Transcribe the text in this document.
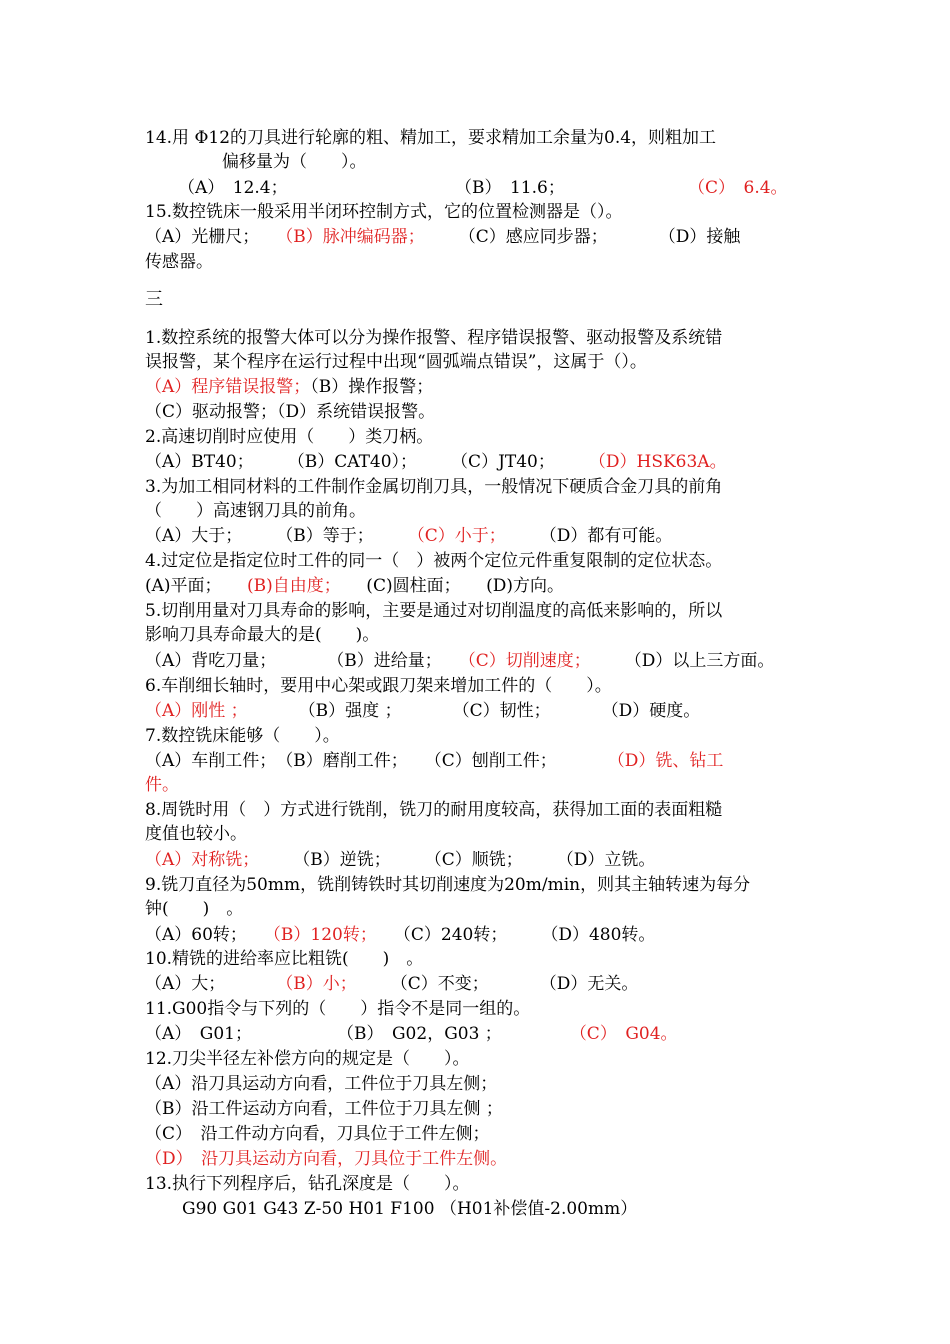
14.用 Φ12的刀具进行轮廓的粗、精加工，要求精加工余量为0.4，则粗加工
偏移量为（　　）。
（A）　12.4；	（B）　11.6；	（C）　6.4。
15.数控铣床一般采用半闭环控制方式，它的位置检测器是（）。
（A）光栅尺；　　（B）脉冲编码器；　　　（C）感应同步器；　　　　（D）接触
传感器。
三
1.数控系统的报警大体可以分为操作报警、程序错误报警、驱动报警及系统错
误报警，某个程序在运行过程中出现“圆弧端点错误”，这属于（）。
（A）程序错误报警；（B）操作报警；
（C）驱动报警；（D）系统错误报警。
2.高速切削时应使用（　　）类刀柄。
（A）BT40；　　　（B）CAT40）；　　　（C）JT40；　　　（D）HSK63A。
3.为加工相同材料的工件制作金属切削刀具，一般情况下硬质合金刀具的前角
（　　）高速钢刀具的前角。
（A）大于；　　　（B）等于；　　　（C）小于；　　　（D）都有可能。
4.过定位是指定位时工件的同一（　）被两个定位元件重复限制的定位状态。
(A)平面；　　(B)自由度；　　(C)圆柱面；　　(D)方向。
5.切削用量对刀具寿命的影响，主要是通过对切削温度的高低来影响的，所以
影响刀具寿命最大的是(　　)。
（A）背吃刀量；　　　　（B）进给量；　　（C）切削速度；　　　（D）以上三方面。
6.车削细长轴时，要用中心架或跟刀架来增加工件的（　　）。
（A）刚性 ；　　　　（B）强度 ；　　　　（C）韧性；　　　　（D）硬度。
7.数控铣床能够（　　）。
（A）车削工件；　（B）磨削工件；　　（C）刨削工件；　　　　（D）铣、钻工
件。
8.周铣时用（　）方式进行铣削，铣刀的耐用度较高，获得加工面的表面粗糙
度值也较小。
（A）对称铣；　　　（B）逆铣；　　　（C）顺铣；　　　（D）立铣。
9.铣刀直径为50mm，铣削铸铁时其切削速度为20m/min，则其主轴转速为每分
钟(　　)　。
（A）60转；　　（B）120转；　　（C）240转；　　　（D）480转。
10.精铣的进给率应比粗铣(　　)　。
（A）大；　　　　（B）小；　　　（C）不变；　　　　（D）无关。
11.G00指令与下列的（　　）指令不是同一组的。
（A）　G01；　　　　　　（B）　G02，G03 ；　　　　　（C）　G04。
12.刀尖半径左补偿方向的规定是（　　）。
（A）沿刀具运动方向看，工件位于刀具左侧；
（B）沿工件运动方向看，工件位于刀具左侧 ；
（C）　沿工件动方向看，刀具位于工件左侧；
（D）　沿刀具运动方向看，刀具位于工件左侧。
13.执行下列程序后，钻孔深度是（　　）。
G90 G01 G43 Z-50 H01 F100 （H01补偿值-2.00mm）
